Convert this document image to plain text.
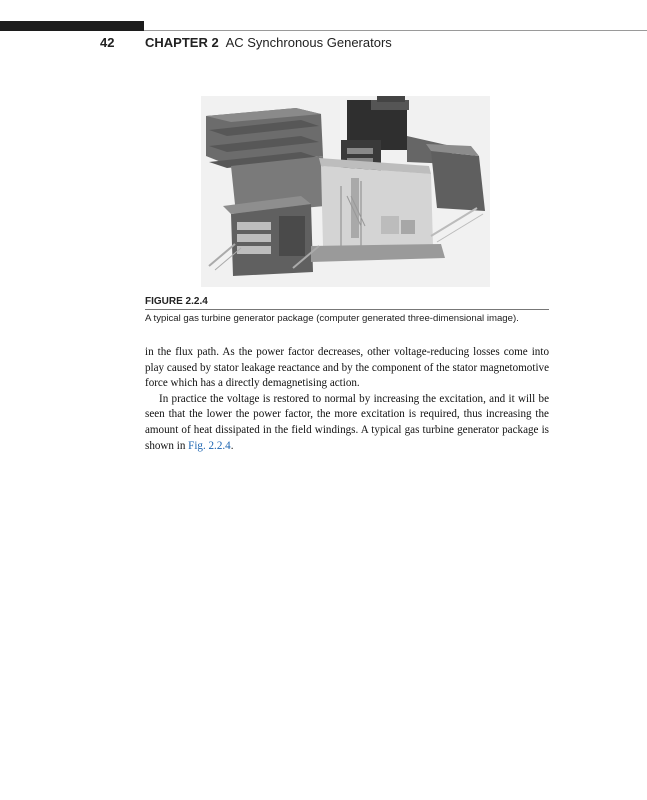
42 CHAPTER 2 AC Synchronous Generators
FIGURE 2.2.4
A typical gas turbine generator package (computer generated three-dimensional image).

in the flux path. As the power factor decreases, other voltage-reducing losses come into play caused by stator leakage reactance and by the component of the stator magnetomotive force which has a directly demagnetising action.

In practice the voltage is restored to normal by increasing the excitation, and it will be seen that the lower the power factor, the more excitation is required, thus increasing the amount of heat dissipated in the field windings. A typical gas turbine generator package is shown in Fig. 2.2.4.
